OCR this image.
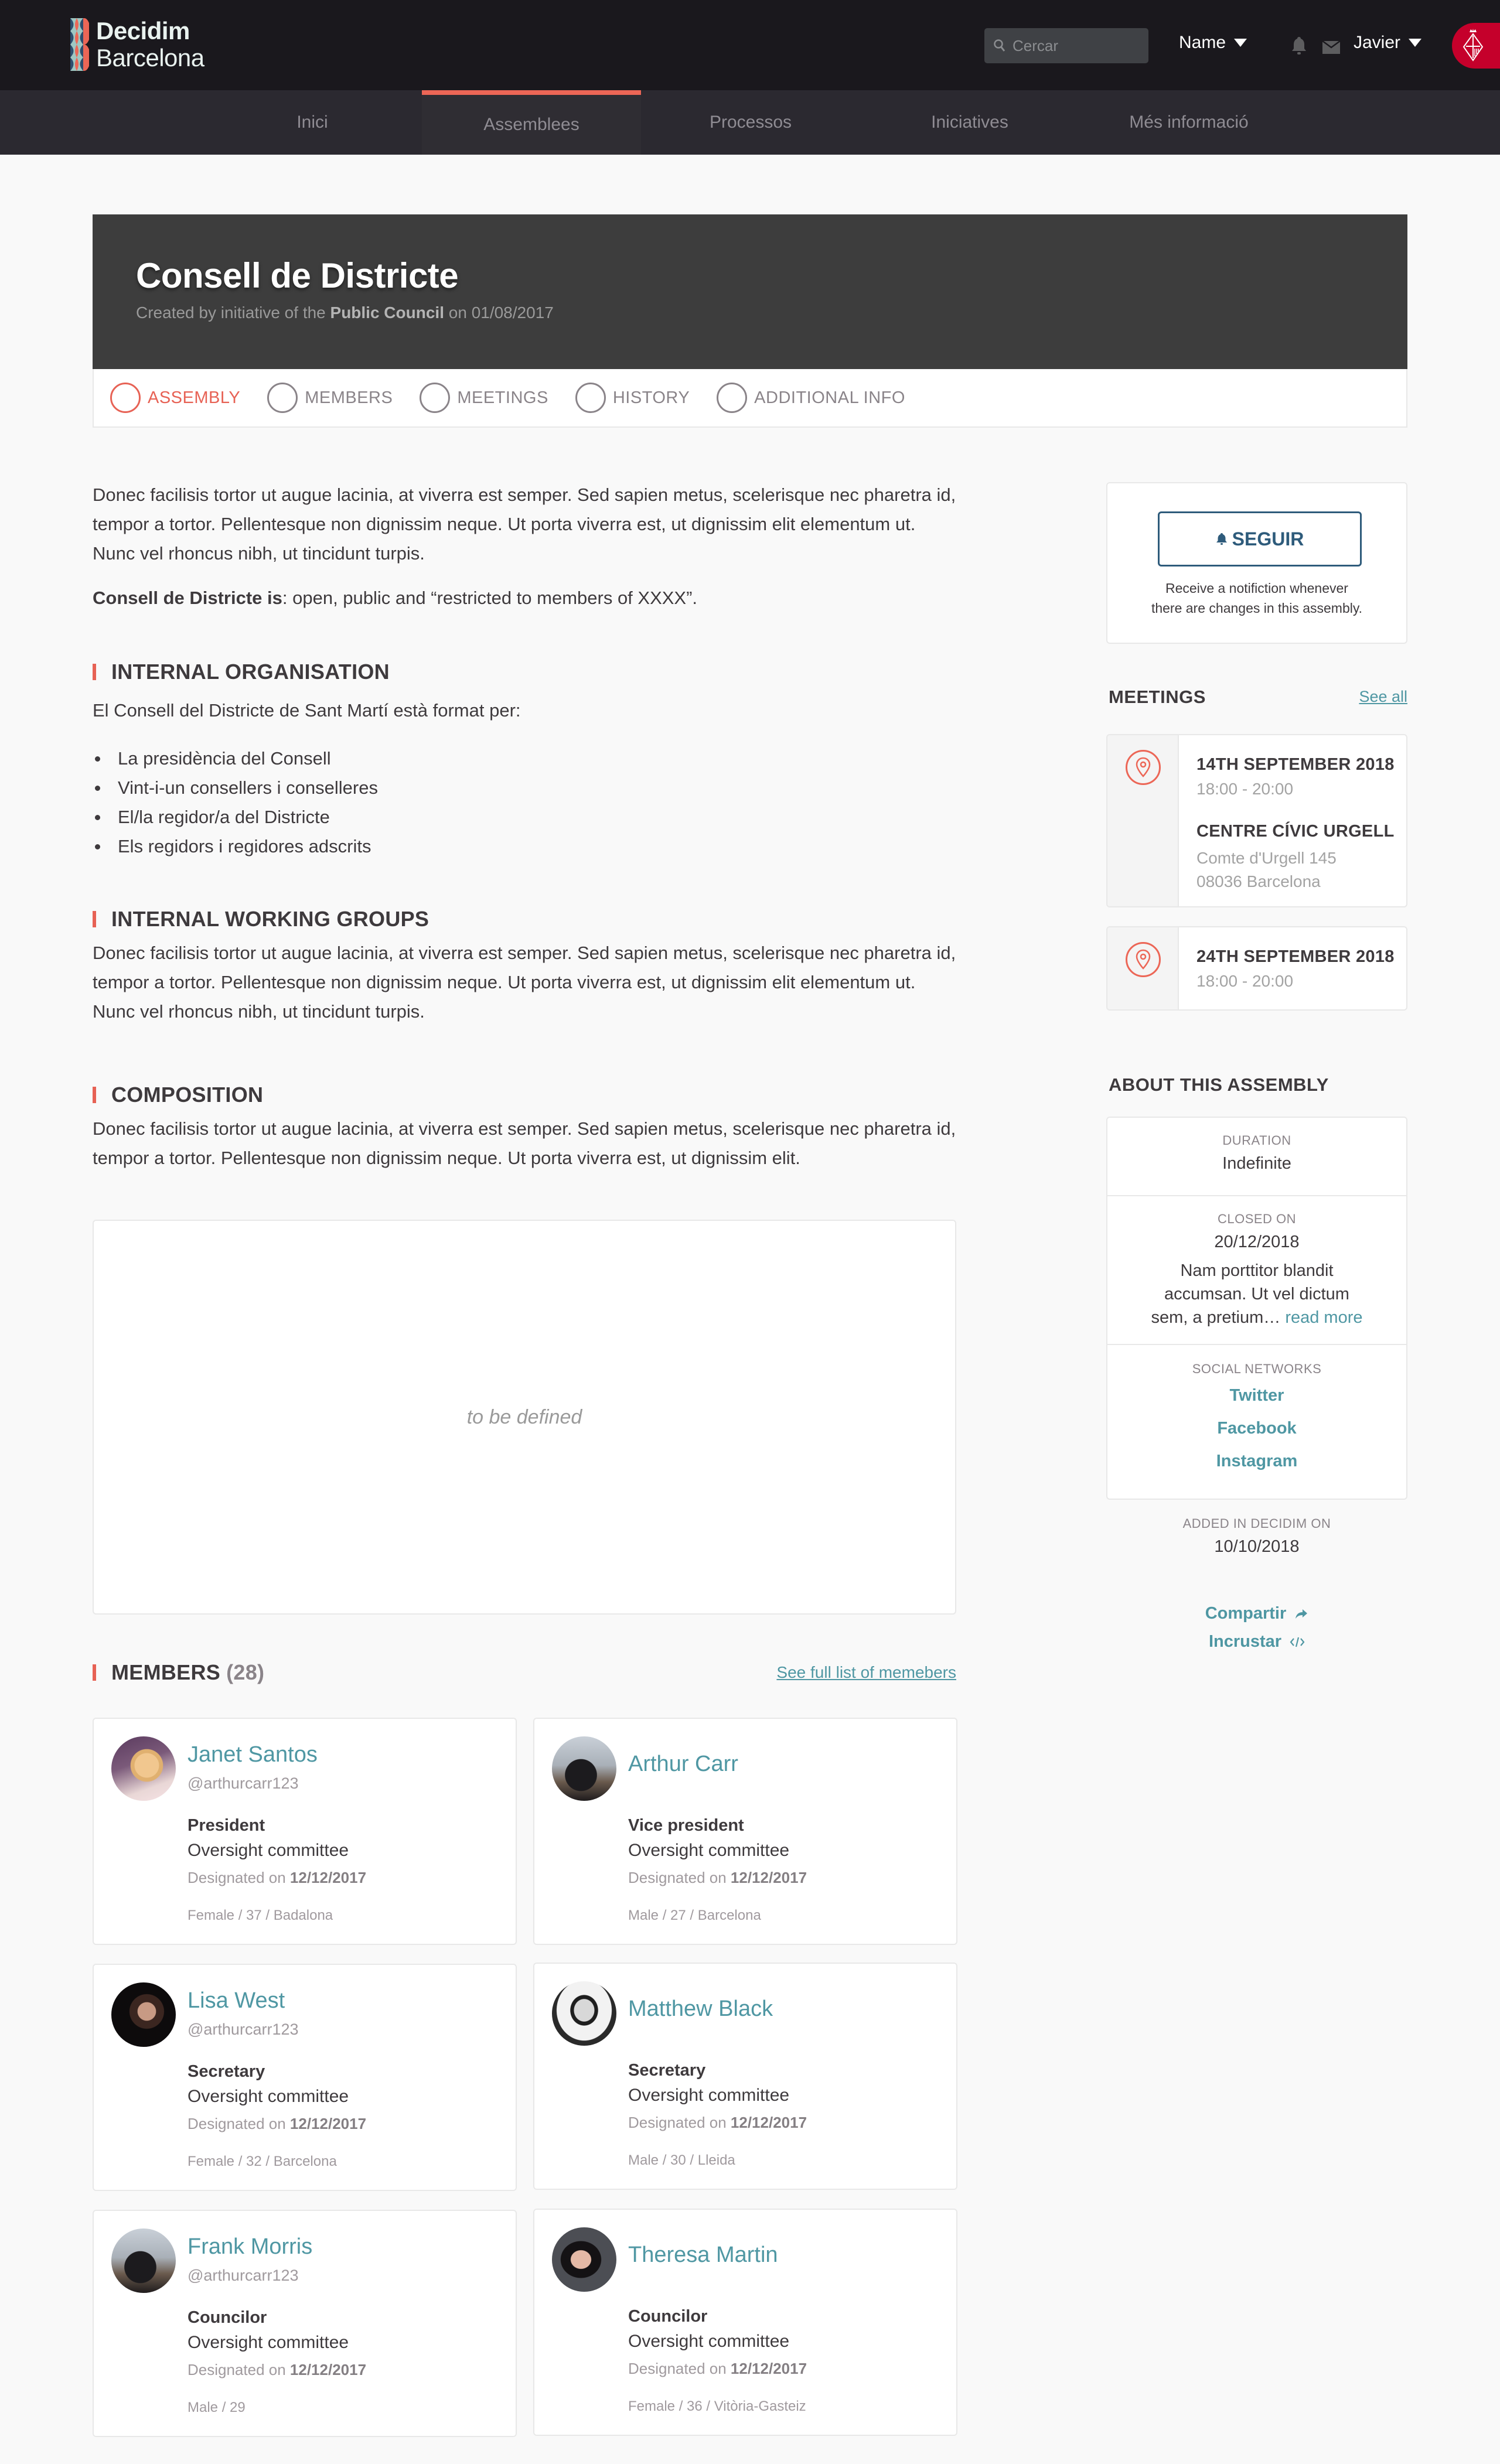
Decidim
Barcelona
Cercar
Name	Javier
Inici	Assemblees	Processos	Iniciatives	Més informació
Consell de Districte
Created by initiative of the Public Council on 01/08/2017
ASSEMBLY	MEMBERS	MEETINGS	HISTORY	ADDITIONAL INFO

Donec facilisis tortor ut augue lacinia, at viverra est semper. Sed sapien metus, scelerisque nec pharetra id, tempor a tortor. Pellentesque non dignissim neque. Ut porta viverra est, ut dignissim elit elementum ut. Nunc vel rhoncus nibh, ut tincidunt turpis.

Consell de Districte is: open, public and “restricted to members of XXXX”.

INTERNAL ORGANISATION

El Consell del Districte de Sant Martí està format per:

La presidència del Consell
Vint-i-un consellers i conselleres
El/la regidor/a del Districte
Els regidors i regidores adscrits
INTERNAL WORKING GROUPS

Donec facilisis tortor ut augue lacinia, at viverra est semper. Sed sapien metus, scelerisque nec pharetra id, tempor a tortor. Pellentesque non dignissim neque. Ut porta viverra est, ut dignissim elit elementum ut. Nunc vel rhoncus nibh, ut tincidunt turpis.

COMPOSITION

Donec facilisis tortor ut augue lacinia, at viverra est semper. Sed sapien metus, scelerisque nec pharetra id, tempor a tortor. Pellentesque non dignissim neque. Ut porta viverra est, ut dignissim elit.

to be defined
MEMBERS (28)	See full list of memebers
Janet Santos
@arthurcarr123
President
Oversight committee
Designated on 12/12/2017
Female / 37 / Badalona
Arthur Carr
Vice president
Oversight committee
Designated on 12/12/2017
Male / 27 / Barcelona
Lisa West
@arthurcarr123
Secretary
Oversight committee
Designated on 12/12/2017
Female / 32 / Barcelona
Matthew Black
Secretary
Oversight committee
Designated on 12/12/2017
Male / 30 / Lleida
Frank Morris
@arthurcarr123
Councilor
Oversight committee
Designated on 12/12/2017
Male / 29
Theresa Martin
Councilor
Oversight committee
Designated on 12/12/2017
Female / 36 / Vitòria-Gasteiz
SEGUIR
Receive a notifiction whenever
there are changes in this assembly.
MEETINGS	See all
14TH SEPTEMBER 2018
18:00 - 20:00
CENTRE CÍVIC URGELL
Comte d'Urgell 145
08036 Barcelona
24TH SEPTEMBER 2018
18:00 - 20:00
ABOUT THIS ASSEMBLY
DURATION
Indefinite
CLOSED ON
20/12/2018
Nam porttitor blandit
accumsan. Ut vel dictum
sem, a pretium… read more
SOCIAL NETWORKS
Twitter
Facebook
Instagram
ADDED IN DECIDIM ON
10/10/2018
Compartir
Incrustar
